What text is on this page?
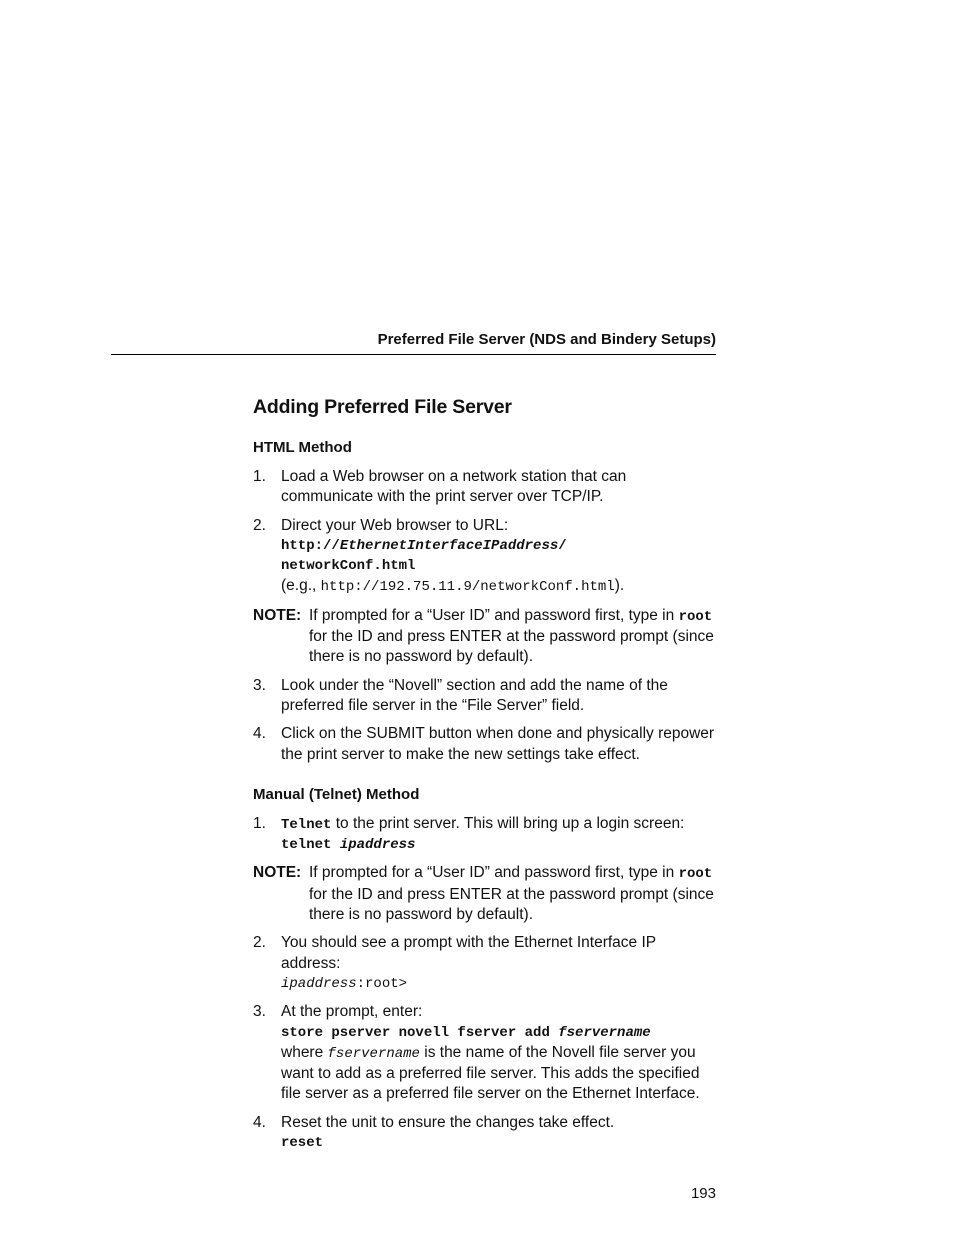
Preferred File Server (NDS and Bindery Setups)
Adding Preferred File Server
HTML Method
1. Load a Web browser on a network station that can
communicate with the print server over TCP/IP.
2. Direct your Web browser to URL:
http://EthernetInterfaceIPaddress/
networkConf.html
(e.g., http://192.75.11.9/networkConf.html).
NOTE: If prompted for a “User ID” and password first, type in root
for the ID and press ENTER at the password prompt (since
there is no password by default).
3. Look under the “Novell” section and add the name of the
preferred file server in the “File Server” field.
4. Click on the SUBMIT button when done and physically repower
the print server to make the new settings take effect.
Manual (Telnet) Method
1. Telnet to the print server. This will bring up a login screen:
telnet ipaddress
NOTE: If prompted for a “User ID” and password first, type in root
for the ID and press ENTER at the password prompt (since
there is no password by default).
2. You should see a prompt with the Ethernet Interface IP
address:
ipaddress:root>
3. At the prompt, enter:
store pserver novell fserver add fservername
where fservername is the name of the Novell file server you
want to add as a preferred file server. This adds the specified
file server as a preferred file server on the Ethernet Interface.
4. Reset the unit to ensure the changes take effect.
reset
193
